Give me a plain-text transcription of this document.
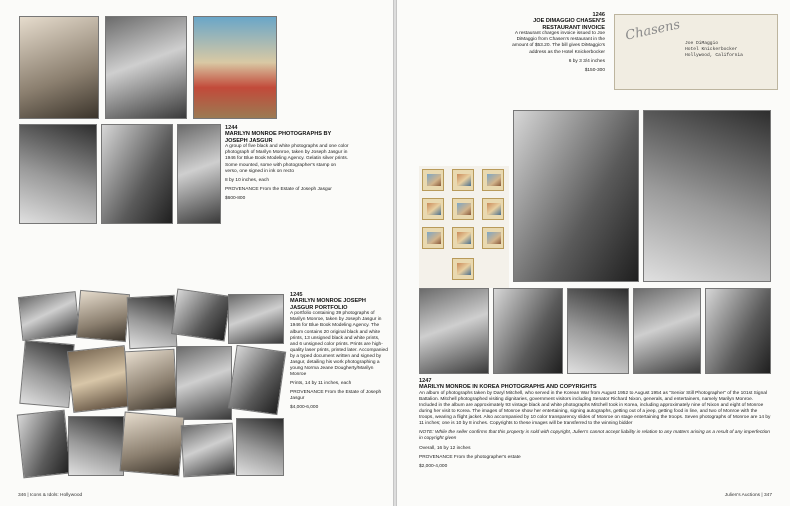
1244
MARILYN MONROE PHOTOGRAPHS BY JOSEPH JASGUR
A group of five black and white photographs and one color photograph of Marilyn Monroe, taken by Joseph Jasgur in 1946 for Blue Book Modeling Agency. Gelatin silver prints. Some mounted, some with photographer's stamp on verso, one signed in ink on recto
8 by 10 inches, each
PROVENANCE From the Estate of Joseph Jasgur
$600-800
1245
MARILYN MONROE JOSEPH JASGUR PORTFOLIO
A portfolio containing 39 photographs of Marilyn Monroe, taken by Joseph Jasgur in 1946 for Blue Book Modeling Agency. The album contains 20 original black and white prints, 13 unsigned black and white prints, and 6 unsigned color prints. Prints are high-quality laser prints, printed later. Accompanied by a typed document written and signed by Jasgur, detailing his work photographing a young Norma Jeane Dougherty/Marilyn Monroe
Prints, 14 by 11 inches, each
PROVENANCE From the Estate of Joseph Jasgur
$4,000-6,000
346 | Icons & Idols: Hollywood
1246
JOE DIMAGGIO CHASEN'S RESTAURANT INVOICE
A restaurant charges invoice issued to Joe DiMaggio from Chasen's restaurant in the amount of $53.20. The bill gives DiMaggio's address as the Hotel Knickerbocker
6 by 3 3/4 inches
$150-300
Chasens Joe DiMaggio
Hotel Knickerbocker
Hollywood, California
1247
MARILYN MONROE IN KOREA PHOTOGRAPHS AND COPYRIGHTS
An album of photographs taken by Daryl Mitchell, who served in the Korean War from August 1952 to August 1954 as "Senior Still Photographer" of the 101st Signal Battalion. Mitchell photographed visiting dignitaries, government visitors including Senator Richard Nixon, generals, and entertainers, namely Marilyn Monroe. Included in the album are approximately 93 vintage black and white photographs Mitchell took in Korea, including approximately nine of Nixon and eight of Monroe during her visit to Korea. The images of Monroe show her entertaining, signing autographs, getting out of a jeep, getting food in line, and two of Monroe with the troops, wearing a flight jacket. Also accompanied by 10 color transparency slides of Monroe on stage entertaining the troops. Seven photographs of Monroe are 14 by 11 inches; one is 10 by 8 inches. Copyrights to these images will be transferred to the winning bidder
NOTE: While the seller confirms that this property is sold with copyright, Julien's cannot accept liability in relation to any matters arising as a result of any imperfection in copyright given
Overall, 16 by 12 inches
PROVENANCE From the photographer's estate
$2,000-4,000
Julien's Auctions | 347
